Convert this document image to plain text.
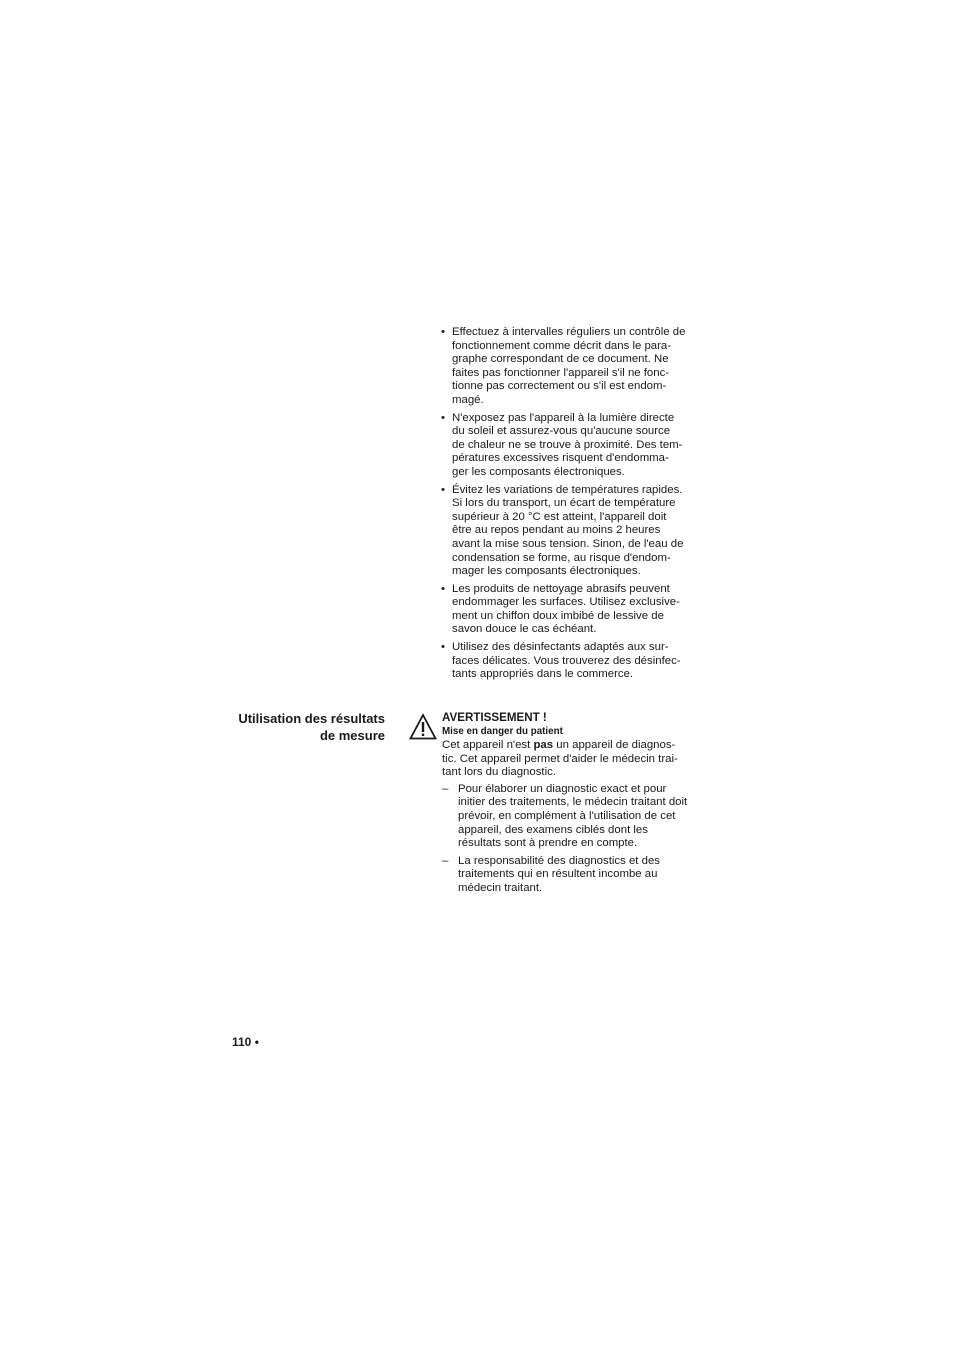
• Effectuez à intervalles réguliers un contrôle de
fonctionnement comme décrit dans le para-
graphe correspondant de ce document. Ne
faites pas fonctionner l'appareil s'il ne fonc-
tionne pas correctement ou s'il est endom-
magé.
• N'exposez pas l'appareil à la lumière directe
du soleil et assurez-vous qu'aucune source
de chaleur ne se trouve à proximité. Des tem-
pératures excessives risquent d'endomma-
ger les composants électroniques.
• Évitez les variations de températures rapides.
Si lors du transport, un écart de température
supérieur à 20 °C est atteint, l'appareil doit
être au repos pendant au moins 2 heures
avant la mise sous tension. Sinon, de l'eau de
condensation se forme, au risque d'endom-
mager les composants électroniques.
• Les produits de nettoyage abrasifs peuvent
endommager les surfaces. Utilisez exclusive-
ment un chiffon doux imbibé de lessive de
savon douce le cas échéant.
• Utilisez des désinfectants adaptés aux sur-
faces délicates. Vous trouverez des désinfec-
tants appropriés dans le commerce.
Utilisation des résultats
de mesure
AVERTISSEMENT !
Mise en danger du patient
Cet appareil n'est pas un appareil de diagnos-
tic. Cet appareil permet d'aider le médecin trai-
tant lors du diagnostic.
– Pour élaborer un diagnostic exact et pour
initier des traitements, le médecin traitant doit
prévoir, en complément à l'utilisation de cet
appareil, des examens ciblés dont les
résultats sont à prendre en compte.
– La responsabilité des diagnostics et des
traitements qui en résultent incombe au
médecin traitant.
110 •
